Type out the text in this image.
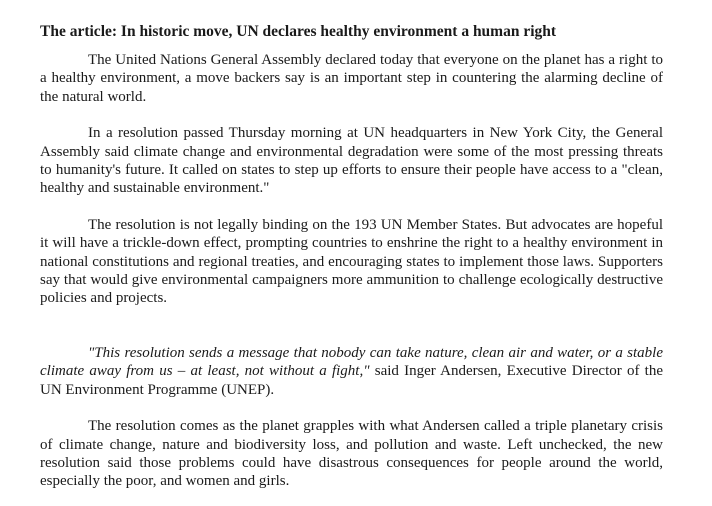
The article: In historic move, UN declares healthy environment a human right

The United Nations General Assembly declared today that everyone on the planet has a right to a healthy environment, a move backers say is an important step in countering the alarming decline of the natural world.

In a resolution passed Thursday morning at UN headquarters in New York City, the General Assembly said climate change and environmental degradation were some of the most pressing threats to humanity's future. It called on states to step up efforts to ensure their people have access to a "clean, healthy and sustainable environment."

The resolution is not legally binding on the 193 UN Member States. But advocates are hopeful it will have a trickle-down effect, prompting countries to enshrine the right to a healthy environment in national constitutions and regional treaties, and encouraging states to implement those laws. Supporters say that would give environmental campaigners more ammunition to challenge ecologically destructive policies and projects.

"This resolution sends a message that nobody can take nature, clean air and water, or a stable climate away from us – at least, not without a fight," said Inger Andersen, Executive Director of the UN Environment Programme (UNEP).

The resolution comes as the planet grapples with what Andersen called a triple planetary crisis of climate change, nature and biodiversity loss, and pollution and waste. Left unchecked, the new resolution said those problems could have disastrous consequences for people around the world, especially the poor, and women and girls.
